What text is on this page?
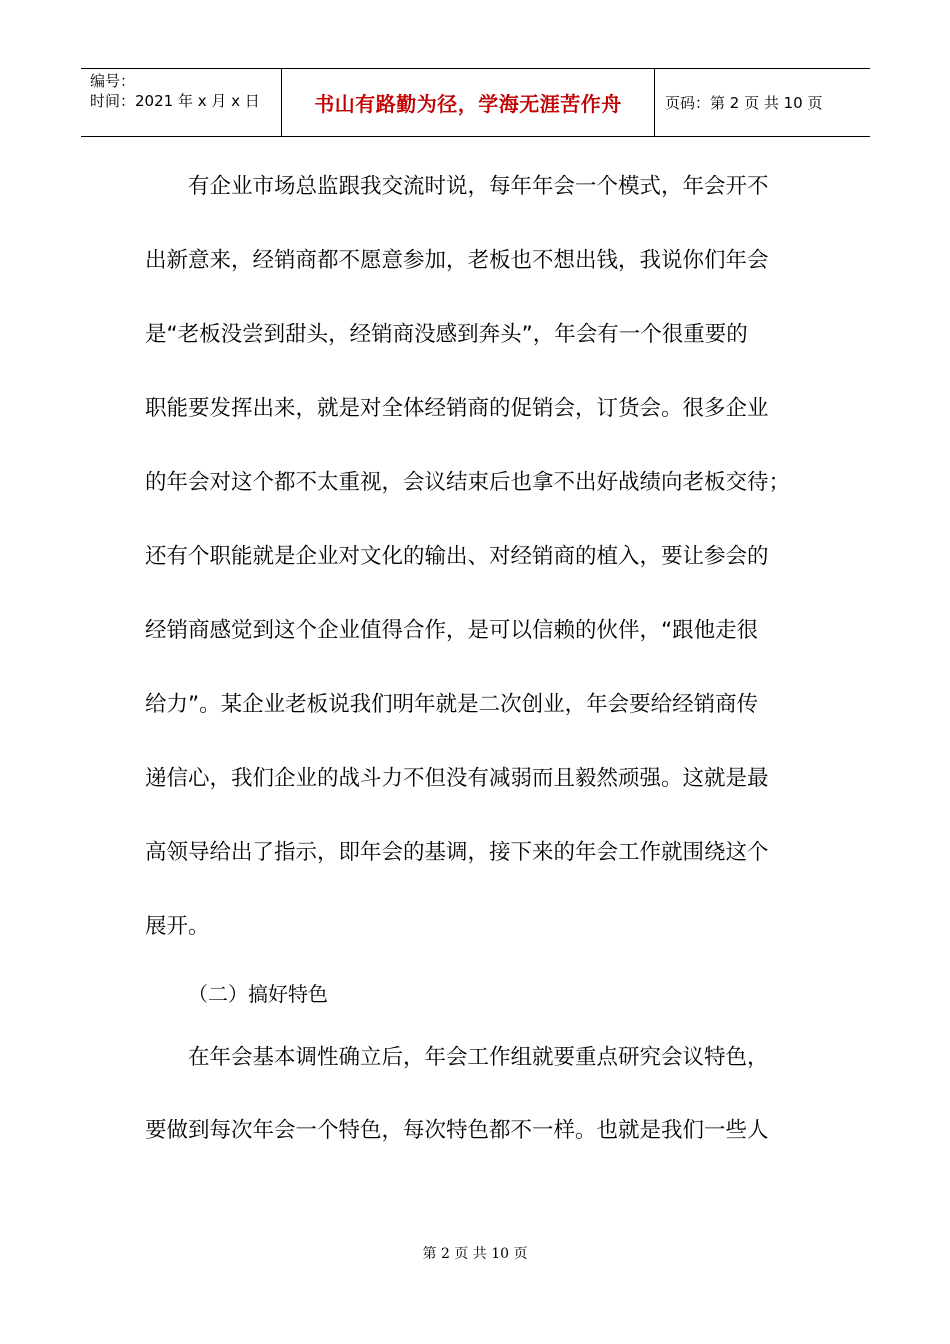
编号：
时间：2021 年 x 月 x 日	书山有路勤为径，学海无涯苦作舟	页码：第 2 页 共 10 页
有企业市场总监跟我交流时说，每年年会一个模式，年会开不
出新意来，经销商都不愿意参加，老板也不想出钱，我说你们年会
是“老板没尝到甜头，经销商没感到奔头”，年会有一个很重要的
职能要发挥出来，就是对全体经销商的促销会，订货会。很多企业
的年会对这个都不太重视，会议结束后也拿不出好战绩向老板交待；
还有个职能就是企业对文化的输出、对经销商的植入，要让参会的
经销商感觉到这个企业值得合作，是可以信赖的伙伴，“跟他走很
给力”。某企业老板说我们明年就是二次创业，年会要给经销商传
递信心，我们企业的战斗力不但没有减弱而且毅然顽强。这就是最
高领导给出了指示，即年会的基调，接下来的年会工作就围绕这个
展开。
（二）搞好特色
在年会基本调性确立后，年会工作组就要重点研究会议特色，
要做到每次年会一个特色，每次特色都不一样。也就是我们一些人
第 2 页 共 10 页
